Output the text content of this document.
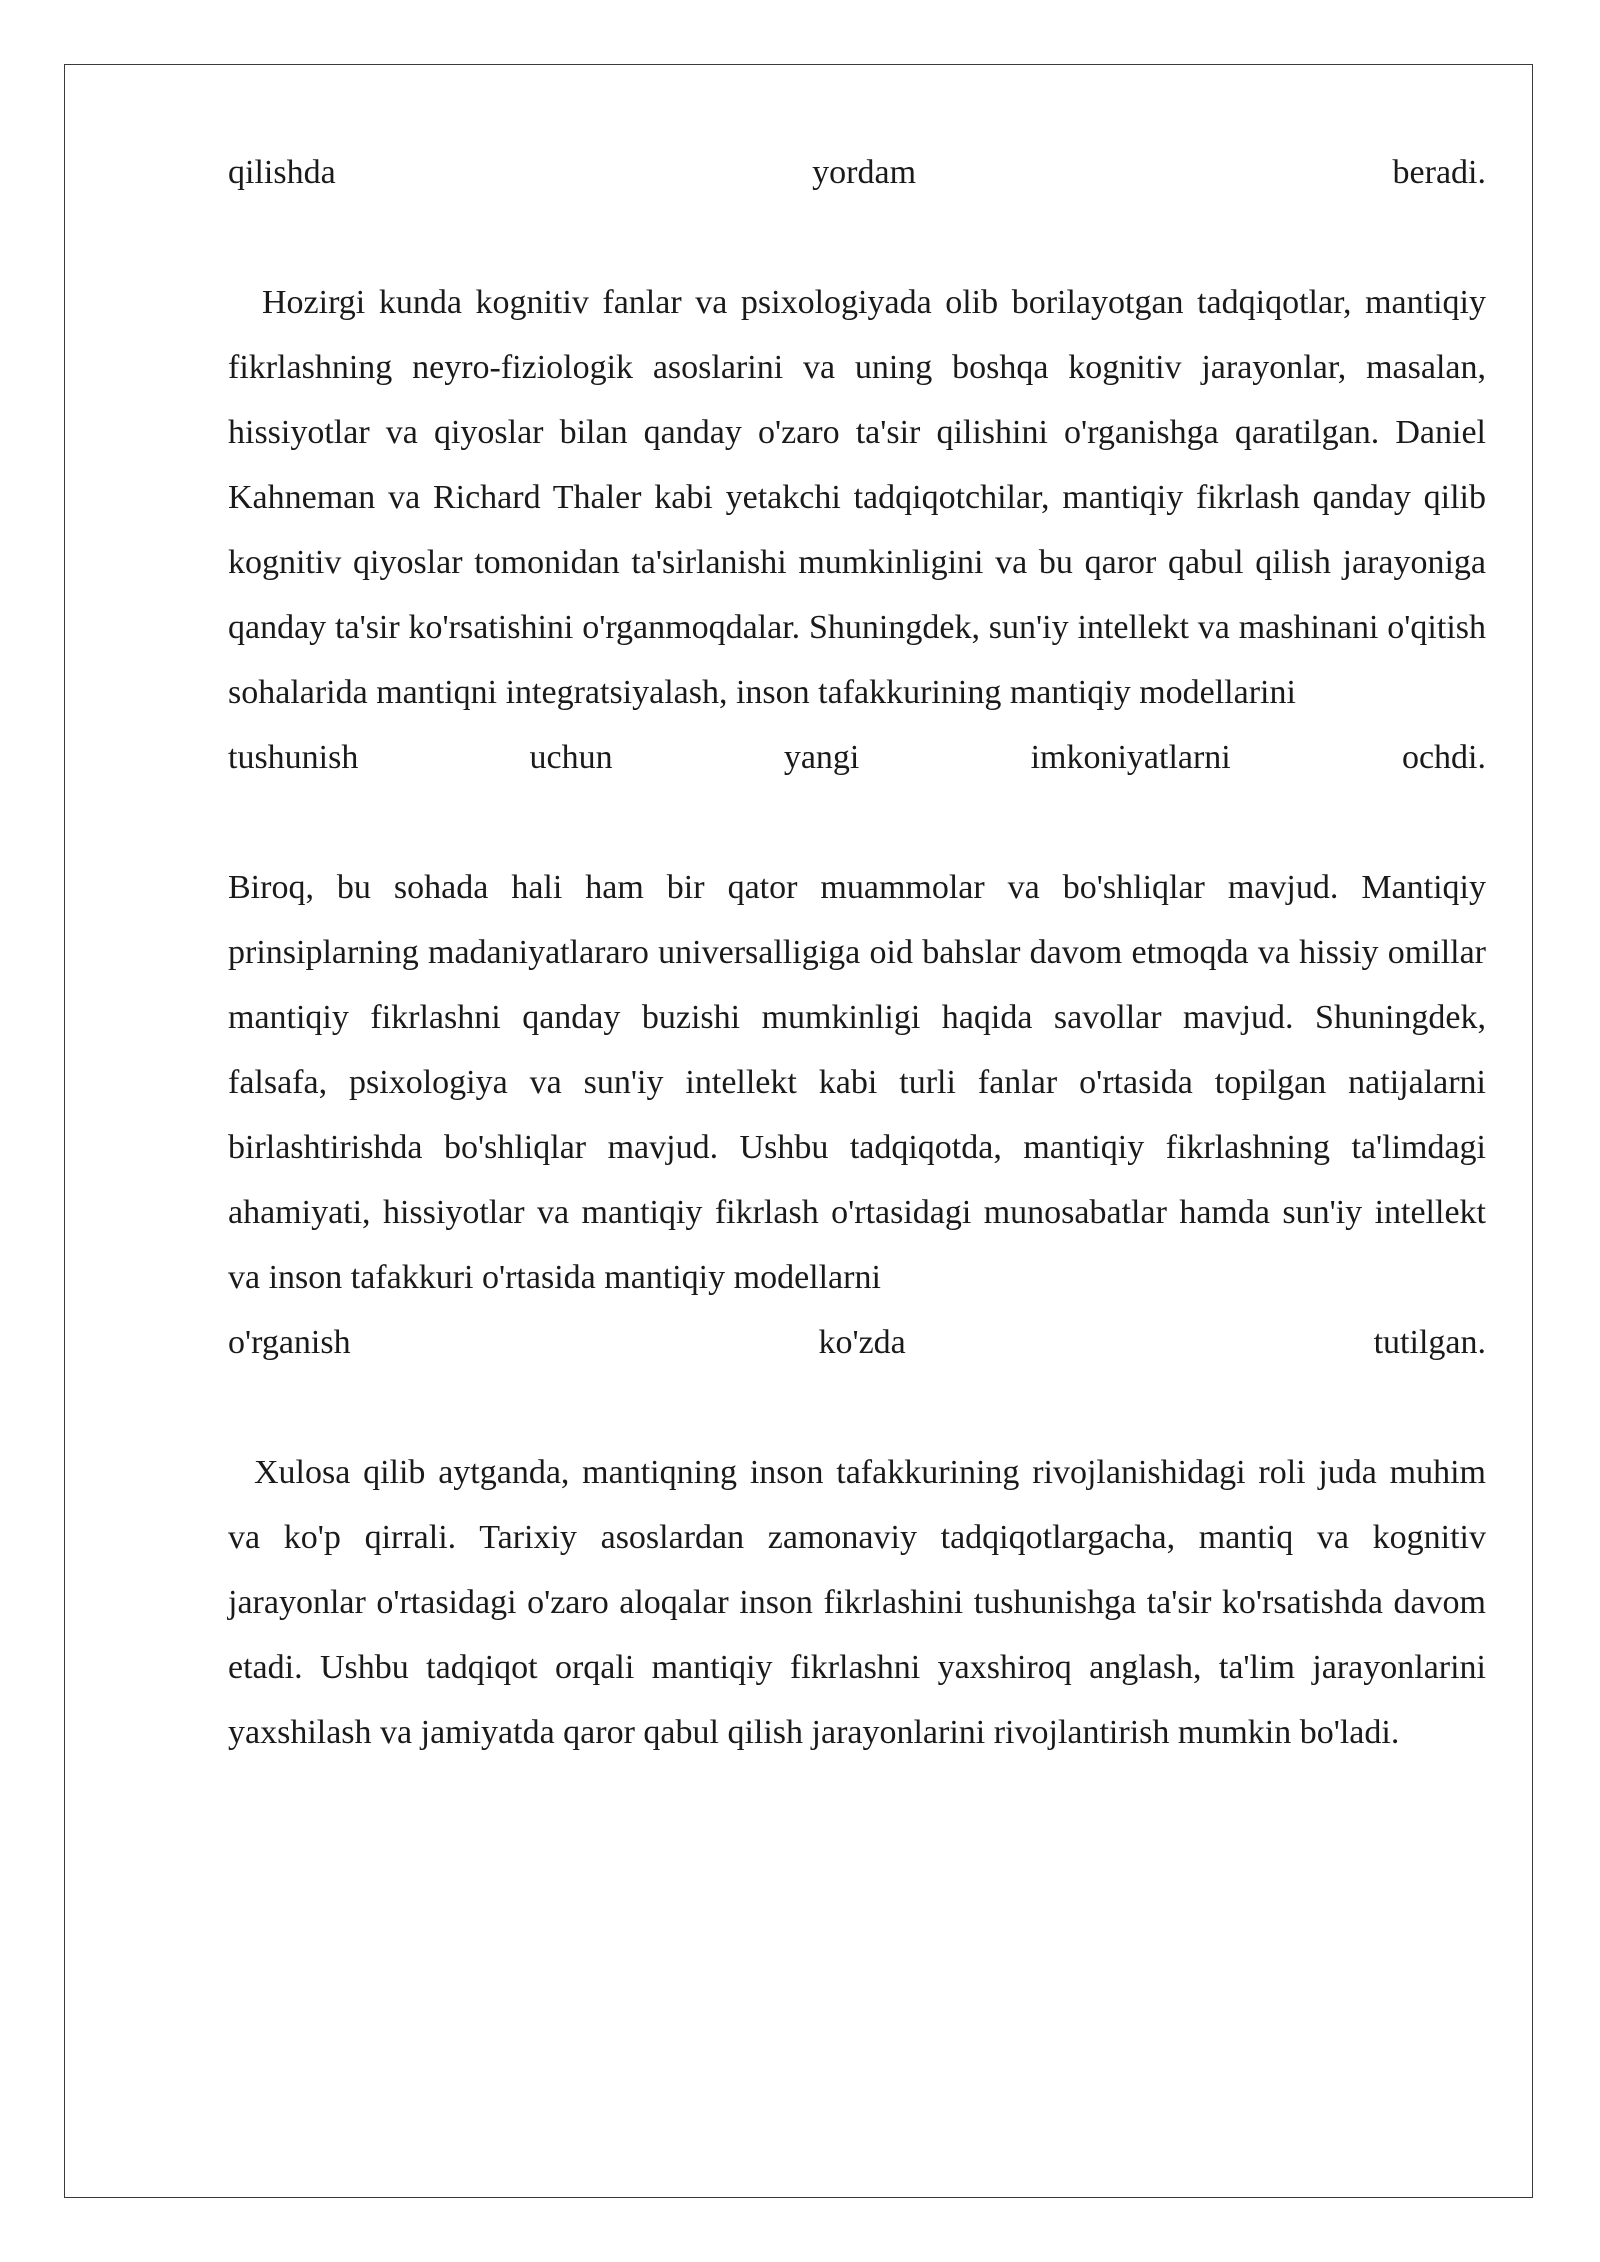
qilishda	yordam	beradi.

Hozirgi kunda kognitiv fanlar va psixologiyada olib borilayotgan tadqiqotlar, mantiqiy fikrlashning neyro-fiziologik asoslarini va uning boshqa kognitiv jarayonlar, masalan, hissiyotlar va qiyoslar bilan qanday o'zaro ta'sir qilishini o'rganishga qaratilgan. Daniel Kahneman va Richard Thaler kabi yetakchi tadqiqotchilar, mantiqiy fikrlash qanday qilib kognitiv qiyoslar tomonidan ta'sirlanishi mumkinligini va bu qaror qabul qilish jarayoniga qanday ta'sir ko'rsatishini o'rganmoqdalar. Shuningdek, sun'iy intellekt va mashinani o'qitish sohalarida mantiqni integratsiyalash, inson tafakkurining mantiqiy modellarini

tushunish	uchun	yangi	imkoniyatlarni	ochdi.

Biroq, bu sohada hali ham bir qator muammolar va bo'shliqlar mavjud. Mantiqiy prinsiplarning madaniyatlararo universalligiga oid bahslar davom etmoqda va hissiy omillar mantiqiy fikrlashni qanday buzishi mumkinligi haqida savollar mavjud. Shuningdek, falsafa, psixologiya va sun'iy intellekt kabi turli fanlar o'rtasida topilgan natijalarni birlashtirishda bo'shliqlar mavjud. Ushbu tadqiqotda, mantiqiy fikrlashning ta'limdagi ahamiyati, hissiyotlar va mantiqiy fikrlash o'rtasidagi munosabatlar hamda sun'iy intellekt va inson tafakkuri o'rtasida mantiqiy modellarni

o'rganish	ko'zda	tutilgan.

Xulosa qilib aytganda, mantiqning inson tafakkurining rivojlanishidagi roli juda muhim va ko'p qirrali. Tarixiy asoslardan zamonaviy tadqiqotlargacha, mantiq va kognitiv jarayonlar o'rtasidagi o'zaro aloqalar inson fikrlashini tushunishga ta'sir ko'rsatishda davom etadi. Ushbu tadqiqot orqali mantiqiy fikrlashni yaxshiroq anglash, ta'lim jarayonlarini yaxshilash va jamiyatda qaror qabul qilish jarayonlarini rivojlantirish mumkin bo'ladi.
